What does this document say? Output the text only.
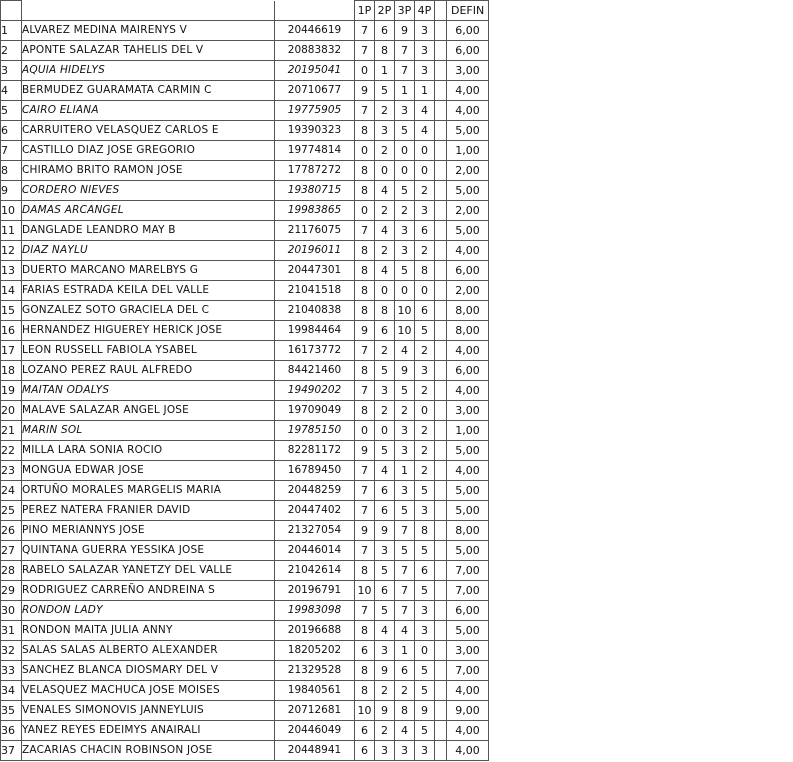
			1P	2P	3P	4P		DEFIN
1	ALVAREZ MEDINA MAIRENYS V	20446619	7	6	9	3		6,00
2	APONTE SALAZAR TAHELIS DEL V	20883832	7	8	7	3		6,00
3	AQUIA HIDELYS	20195041	0	1	7	3		3,00
4	BERMUDEZ GUARAMATA CARMIN C	20710677	9	5	1	1		4,00
5	CAIRO ELIANA	19775905	7	2	3	4		4,00
6	CARRUITERO VELASQUEZ CARLOS E	19390323	8	3	5	4		5,00
7	CASTILLO DIAZ JOSE GREGORIO	19774814	0	2	0	0		1,00
8	CHIRAMO BRITO RAMON JOSE	17787272	8	0	0	0		2,00
9	CORDERO NIEVES	19380715	8	4	5	2		5,00
10	DAMAS ARCANGEL	19983865	0	2	2	3		2,00
11	DANGLADE LEANDRO MAY B	21176075	7	4	3	6		5,00
12	DIAZ NAYLU	20196011	8	2	3	2		4,00
13	DUERTO MARCANO MARELBYS G	20447301	8	4	5	8		6,00
14	FARIAS ESTRADA KEILA DEL VALLE	21041518	8	0	0	0		2,00
15	GONZALEZ SOTO GRACIELA DEL C	21040838	8	8	10	6		8,00
16	HERNANDEZ HIGUEREY HERICK JOSE	19984464	9	6	10	5		8,00
17	LEON RUSSELL FABIOLA YSABEL	16173772	7	2	4	2		4,00
18	LOZANO PEREZ RAUL ALFREDO	84421460	8	5	9	3		6,00
19	MAITAN ODALYS	19490202	7	3	5	2		4,00
20	MALAVE SALAZAR ANGEL JOSE	19709049	8	2	2	0		3,00
21	MARIN SOL	19785150	0	0	3	2		1,00
22	MILLA LARA SONIA ROCIO	82281172	9	5	3	2		5,00
23	MONGUA EDWAR JOSE	16789450	7	4	1	2		4,00
24	ORTUÑO MORALES MARGELIS MARIA	20448259	7	6	3	5		5,00
25	PEREZ NATERA FRANIER DAVID	20447402	7	6	5	3		5,00
26	PINO MERIANNYS JOSE	21327054	9	9	7	8		8,00
27	QUINTANA GUERRA YESSIKA JOSE	20446014	7	3	5	5		5,00
28	RABELO SALAZAR YANETZY DEL VALLE	21042614	8	5	7	6		7,00
29	RODRIGUEZ CARREÑO ANDREINA S	20196791	10	6	7	5		7,00
30	RONDON LADY	19983098	7	5	7	3		6,00
31	RONDON MAITA JULIA ANNY	20196688	8	4	4	3		5,00
32	SALAS SALAS ALBERTO ALEXANDER	18205202	6	3	1	0		3,00
33	SANCHEZ BLANCA DIOSMARY DEL V	21329528	8	9	6	5		7,00
34	VELASQUEZ MACHUCA JOSE MOISES	19840561	8	2	2	5		4,00
35	VENALES SIMONOVIS JANNEYLUIS	20712681	10	9	8	9		9,00
36	YANEZ REYES EDEIMYS ANAIRALI	20446049	6	2	4	5		4,00
37	ZACARIAS CHACIN ROBINSON JOSE	20448941	6	3	3	3		4,00
